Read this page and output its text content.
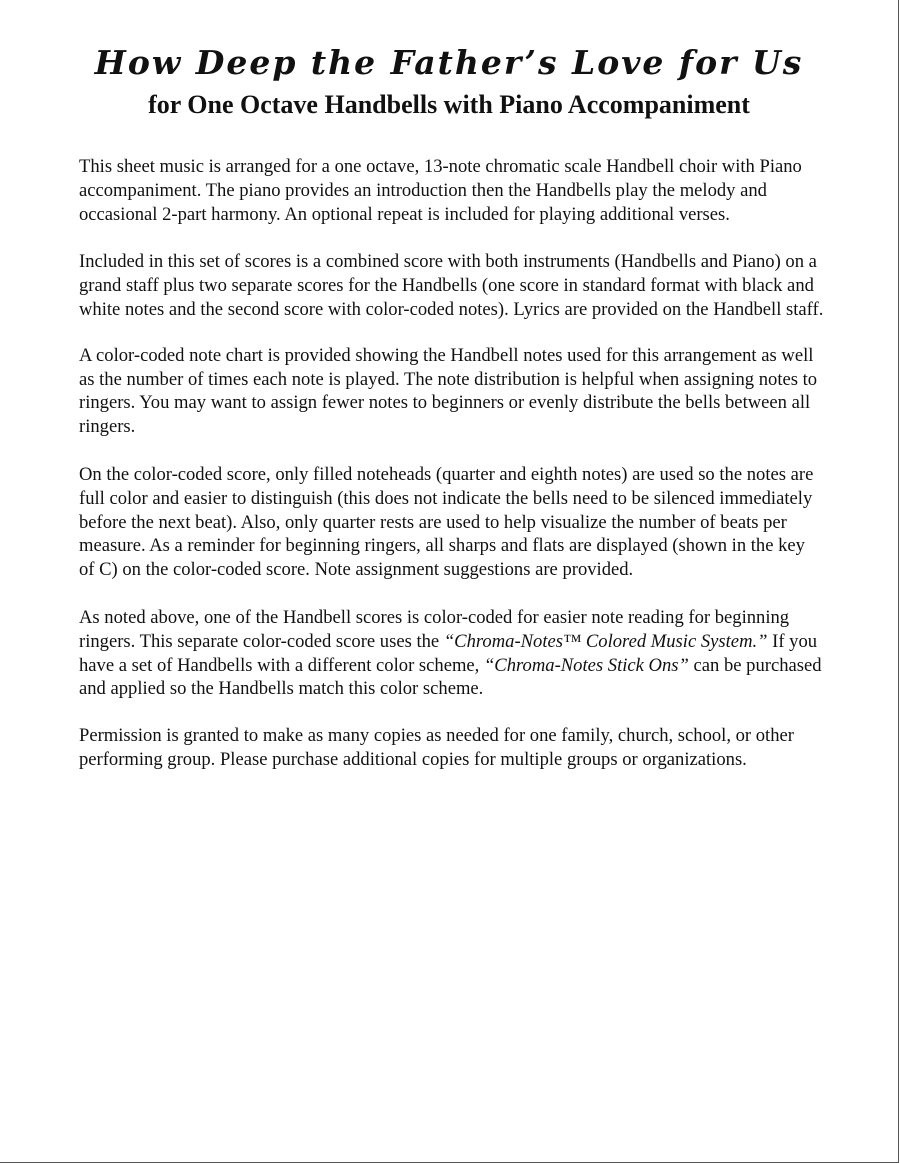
How Deep the Father’s Love for Us
for One Octave Handbells with Piano Accompaniment

This sheet music is arranged for a one octave, 13-note chromatic scale Handbell choir with Piano accompaniment. The piano provides an introduction then the Handbells play the melody and occasional 2-part harmony. An optional repeat is included for playing additional verses.

Included in this set of scores is a combined score with both instruments (Handbells and Piano) on a grand staff plus two separate scores for the Handbells (one score in standard format with black and white notes and the second score with color-coded notes). Lyrics are provided on the Handbell staff.

A color-coded note chart is provided showing the Handbell notes used for this arrangement as well as the number of times each note is played. The note distribution is helpful when assigning notes to ringers. You may want to assign fewer notes to beginners or evenly distribute the bells between all ringers.

On the color-coded score, only filled noteheads (quarter and eighth notes) are used so the notes are full color and easier to distinguish (this does not indicate the bells need to be silenced immediately before the next beat). Also, only quarter rests are used to help visualize the number of beats per measure. As a reminder for beginning ringers, all sharps and flats are displayed (shown in the key of C) on the color-coded score. Note assignment suggestions are provided.

As noted above, one of the Handbell scores is color-coded for easier note reading for beginning ringers. This separate color-coded score uses the “Chroma-Notes™ Colored Music System.” If you have a set of Handbells with a different color scheme, “Chroma-Notes Stick Ons” can be purchased and applied so the Handbells match this color scheme.

Permission is granted to make as many copies as needed for one family, church, school, or other performing group. Please purchase additional copies for multiple groups or organizations.
